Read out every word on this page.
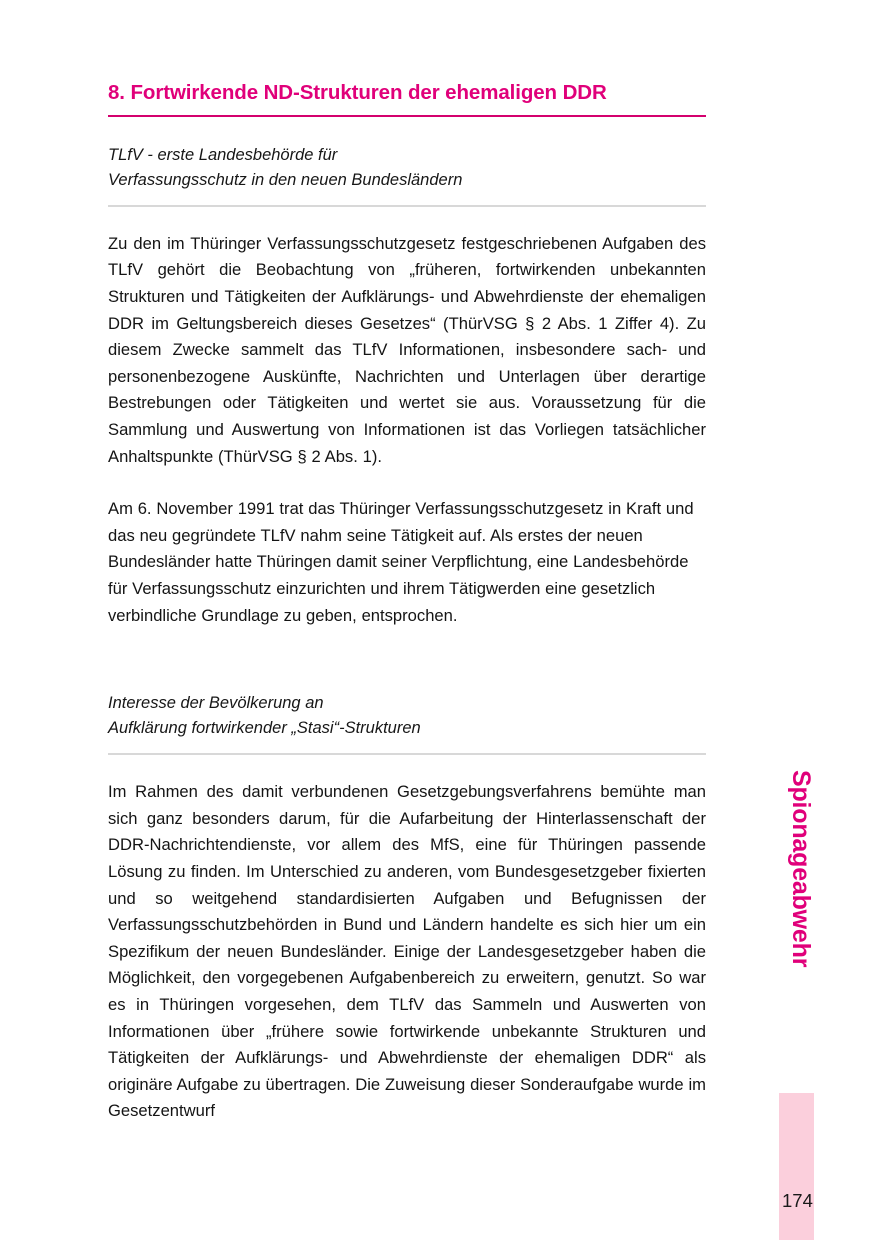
8. Fortwirkende ND-Strukturen der ehemaligen DDR
TLfV - erste Landesbehörde für
Verfassungsschutz in den neuen Bundesländern

Zu den im Thüringer Verfassungsschutzgesetz festgeschriebenen Aufgaben des TLfV gehört die Beobachtung von „früheren, fortwirkenden unbekannten Strukturen und Tätigkeiten der Aufklärungs- und Abwehrdienste der ehemaligen DDR im Geltungsbereich dieses Gesetzes“ (ThürVSG § 2 Abs. 1 Ziffer 4). Zu diesem Zwecke sammelt das TLfV Informationen, insbesondere sach- und personenbezogene Auskünfte, Nachrichten und Unterlagen über derartige Bestrebungen oder Tätigkeiten und wertet sie aus. Voraussetzung für die Sammlung und Auswertung von Informationen ist das Vorliegen tatsächlicher Anhaltspunkte (ThürVSG § 2 Abs. 1).

Am 6. November 1991 trat das Thüringer Verfassungsschutzgesetz in Kraft und das neu gegründete TLfV nahm seine Tätigkeit auf. Als erstes der neuen Bundesländer hatte Thüringen damit seiner Verpflichtung, eine Landesbehörde für Verfassungsschutz einzurichten und ihrem Tätigwerden eine gesetzlich verbindliche Grundlage zu geben, entsprochen.

Interesse der Bevölkerung an
Aufklärung fortwirkender „Stasi“-Strukturen

Im Rahmen des damit verbundenen Gesetzgebungsverfahrens bemühte man sich ganz besonders darum, für die Aufarbeitung der Hinterlassenschaft der DDR-Nachrichtendienste, vor allem des MfS, eine für Thüringen passende Lösung zu finden. Im Unterschied zu anderen, vom Bundesgesetzgeber fixierten und so weitgehend standardisierten Aufgaben und Befugnissen der Verfassungsschutzbehörden in Bund und Ländern handelte es sich hier um ein Spezifikum der neuen Bundesländer. Einige der Landesgesetzgeber haben die Möglichkeit, den vorgegebenen Aufgabenbereich zu erweitern, genutzt. So war es in Thüringen vorgesehen, dem TLfV das Sammeln und Auswerten von Informationen über „frühere sowie fortwirkende unbekannte Strukturen und Tätigkeiten der Aufklärungs- und Abwehrdienste der ehemaligen DDR“ als originäre Aufgabe zu übertragen. Die Zuweisung dieser Sonderaufgabe wurde im Gesetzentwurf

Spionageabwehr
174
